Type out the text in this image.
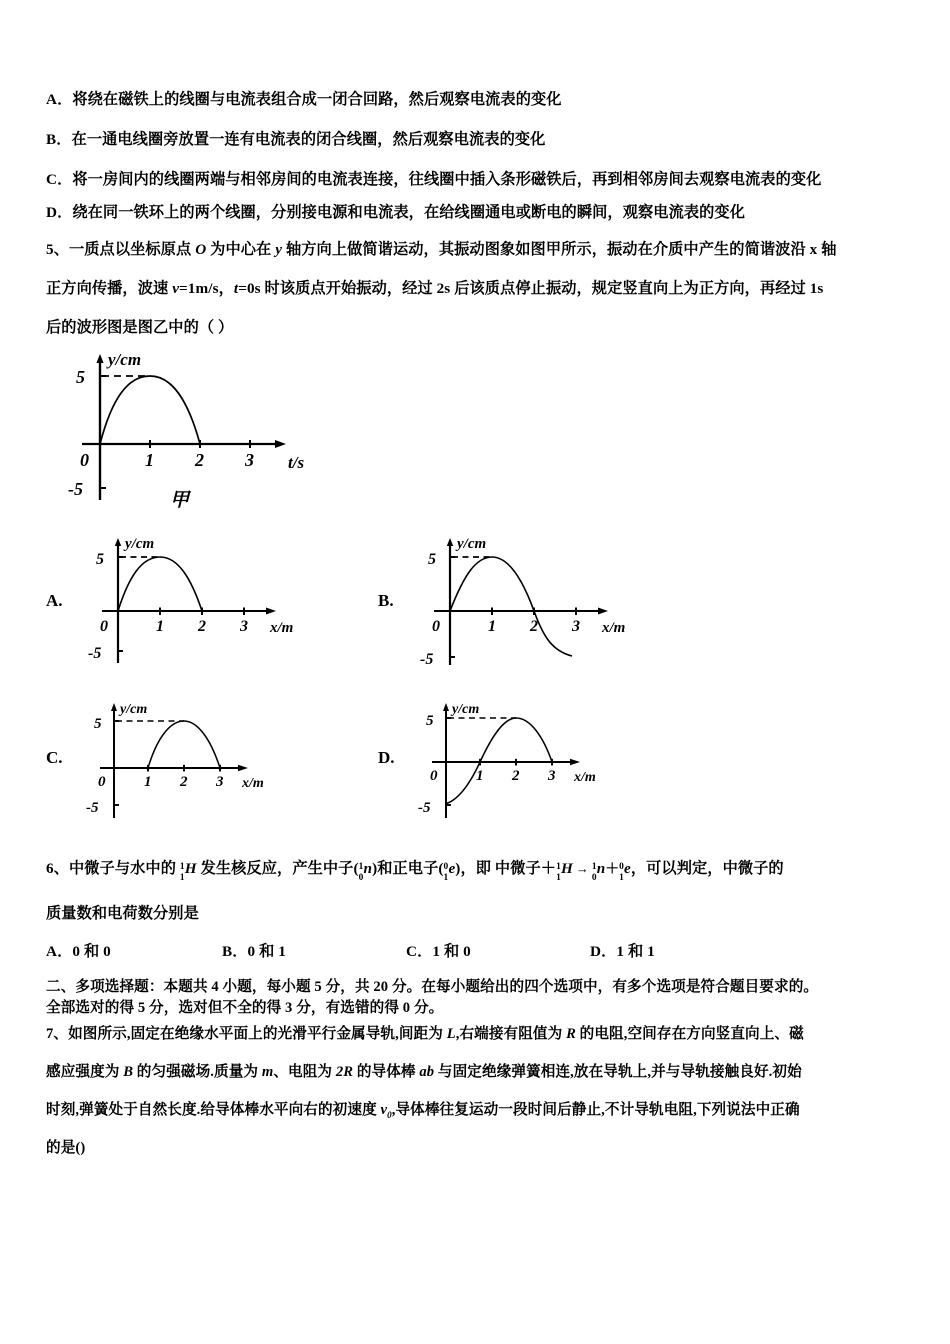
A．将绕在磁铁上的线圈与电流表组合成一闭合回路，然后观察电流表的变化
B．在一通电线圈旁放置一连有电流表的闭合线圈，然后观察电流表的变化
C．将一房间内的线圈两端与相邻房间的电流表连接，往线圈中插入条形磁铁后，再到相邻房间去观察电流表的变化
D．绕在同一铁环上的两个线圈，分别接电源和电流表，在给线圈通电或断电的瞬间，观察电流表的变化
5、一质点以坐标原点 O 为中心在 y 轴方向上做简谐运动，其振动图象如图甲所示，振动在介质中产生的简谐波沿 x 轴
正方向传播，波速 v=1m/s，t=0s 时该质点开始振动，经过 2s 后该质点停止振动，规定竖直向上为正方向，再经过 1s
后的波形图是图乙中的（ ）
5
-5
0	1 2 3
y/cm
t/s
甲
A.
5
-5
0	1 2 3
y/cm
x/m
B.
5
-5
0	1 2 3
y/cm
x/m
C.
5
-5
0	1 2 3
y/cm
x/m
D.
5
-5
0	1 2 3
y/cm
x/m
6、中微子与水中的 1
1
H 发生核反应，产生中子( 1
0
n)和正电子( 0
1
e)，即 中微子＋ 1
1
H → 1
0
n＋ 0
1
e，可以判定，中微子的
质量数和电荷数分别是
A．0 和 0	B．0 和 1	C．1 和 0	D．1 和 1
二、多项选择题：本题共 4 小题，每小题 5 分，共 20 分。在每小题给出的四个选项中，有多个选项是符合题目要求的。
全部选对的得 5 分，选对但不全的得 3 分，有选错的得 0 分。
7、如图所示,固定在绝缘水平面上的光滑平行金属导轨,间距为 L,右端接有阻值为 R 的电阻,空间存在方向竖直向上、磁
感应强度为 B 的匀强磁场.质量为 m、电阻为 2R 的导体棒 ab 与固定绝缘弹簧相连,放在导轨上,并与导轨接触良好.初始
时刻,弹簧处于自然长度.给导体棒水平向右的初速度 $v_0$,导体棒往复运动一段时间后静止,不计导轨电阻,下列说法中正确
的是()
